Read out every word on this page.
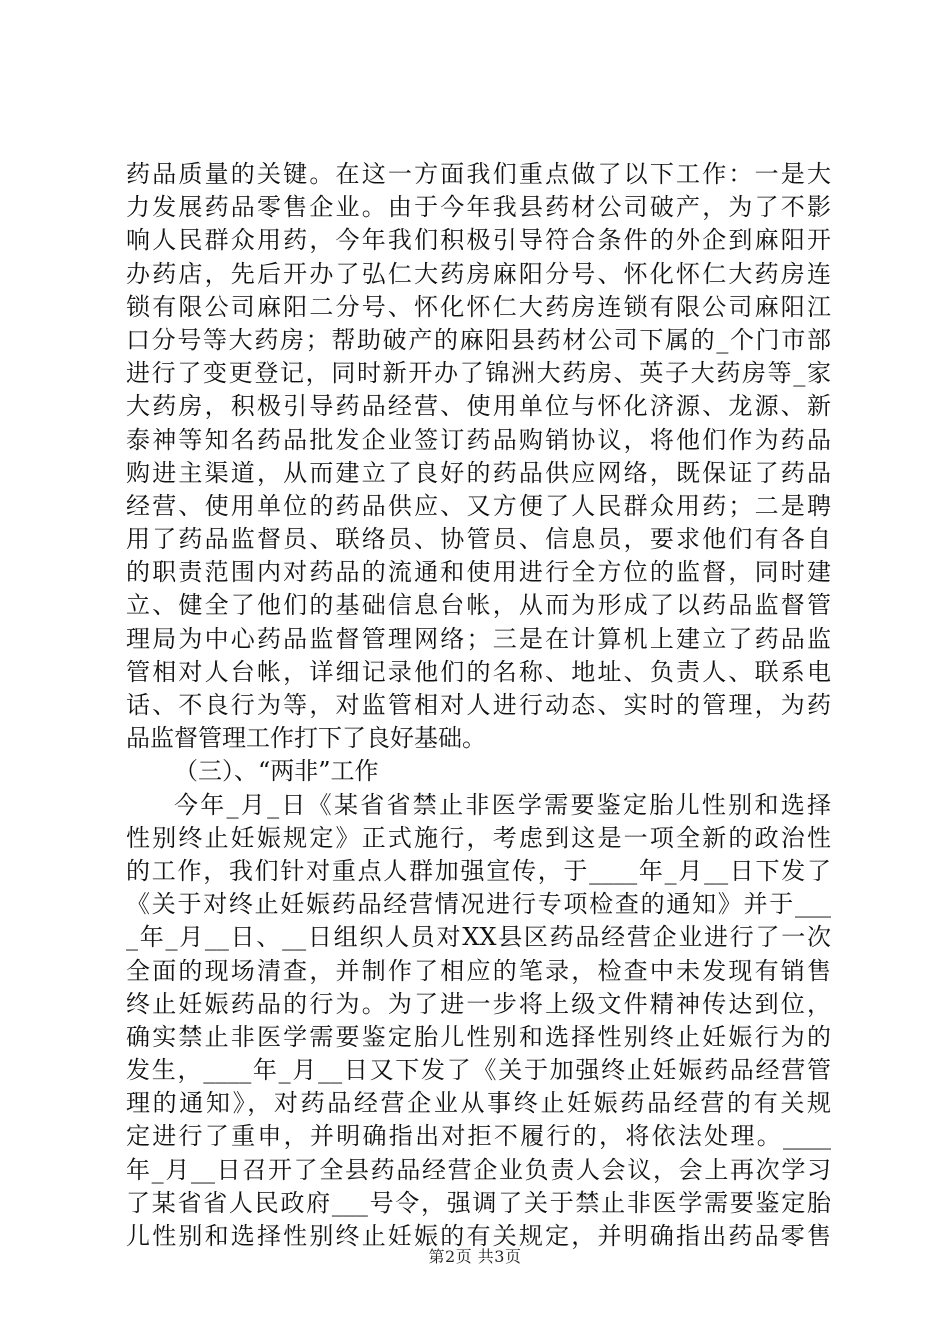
药品质量的关键。在这一方面我们重点做了以下工作：一是大
力发展药品零售企业。由于今年我县药材公司破产，为了不影
响人民群众用药，今年我们积极引导符合条件的外企到麻阳开
办药店，先后开办了弘仁大药房麻阳分号、怀化怀仁大药房连
锁有限公司麻阳二分号、怀化怀仁大药房连锁有限公司麻阳江
口分号等大药房；帮助破产的麻阳县药材公司下属的_个门市部
进行了变更登记，同时新开办了锦洲大药房、英子大药房等_家
大药房，积极引导药品经营、使用单位与怀化济源、龙源、新
泰神等知名药品批发企业签订药品购销协议，将他们作为药品
购进主渠道，从而建立了良好的药品供应网络，既保证了药品
经营、使用单位的药品供应、又方便了人民群众用药；二是聘
用了药品监督员、联络员、协管员、信息员，要求他们有各自
的职责范围内对药品的流通和使用进行全方位的监督，同时建
立、健全了他们的基础信息台帐，从而为形成了以药品监督管
理局为中心药品监督管理网络；三是在计算机上建立了药品监
管相对人台帐，详细记录他们的名称、地址、负责人、联系电
话、不良行为等，对监管相对人进行动态、实时的管理，为药
品监督管理工作打下了良好基础。
（三）、“两非”工作
今年_月_日《某省省禁止非医学需要鉴定胎儿性别和选择
性别终止妊娠规定》正式施行，考虑到这是一项全新的政治性
的工作，我们针对重点人群加强宣传，于____年_月__日下发了
《关于对终止妊娠药品经营情况进行专项检查的通知》并于___
_年_月__日、__日组织人员对XX县区药品经营企业进行了一次
全面的现场清查，并制作了相应的笔录，检查中未发现有销售
终止妊娠药品的行为。为了进一步将上级文件精神传达到位，
确实禁止非医学需要鉴定胎儿性别和选择性别终止妊娠行为的
发生，____年_月__日又下发了《关于加强终止妊娠药品经营管
理的通知》，对药品经营企业从事终止妊娠药品经营的有关规
定进行了重申，并明确指出对拒不履行的，将依法处理。____
年_月__日召开了全县药品经营企业负责人会议，会上再次学习
了某省省人民政府___号令，强调了关于禁止非医学需要鉴定胎
儿性别和选择性别终止妊娠的有关规定，并明确指出药品零售
第2页 共3页
